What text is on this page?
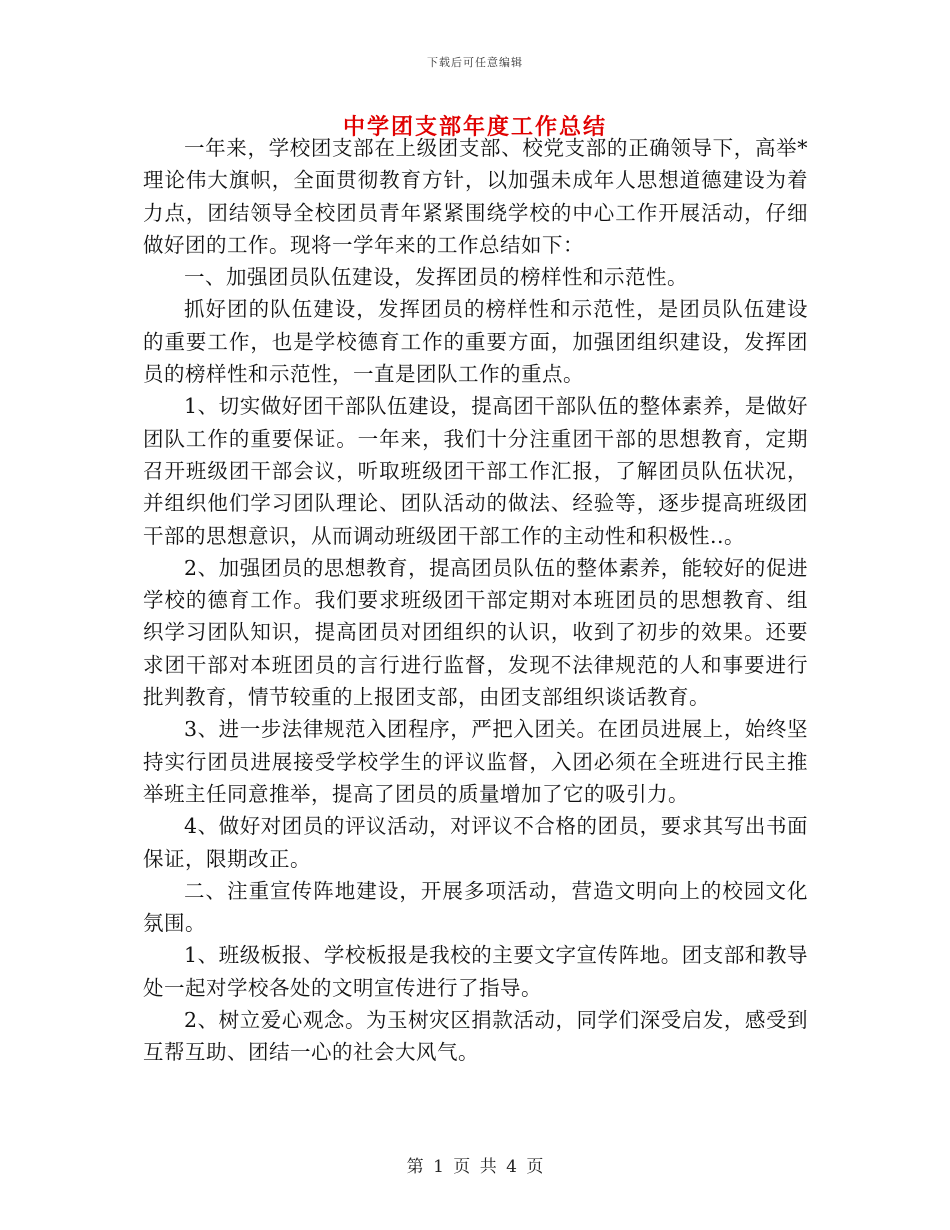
下载后可任意编辑
中学团支部年度工作总结

一年来，学校团支部在上级团支部、校党支部的正确领导下，高举*理论伟大旗帜，全面贯彻教育方针，以加强未成年人思想道德建设为着力点，团结领导全校团员青年紧紧围绕学校的中心工作开展活动，仔细做好团的工作。现将一学年来的工作总结如下：

一、加强团员队伍建设，发挥团员的榜样性和示范性。

抓好团的队伍建设，发挥团员的榜样性和示范性，是团员队伍建设的重要工作，也是学校德育工作的重要方面，加强团组织建设，发挥团员的榜样性和示范性，一直是团队工作的重点。

1、切实做好团干部队伍建设，提高团干部队伍的整体素养，是做好团队工作的重要保证。一年来，我们十分注重团干部的思想教育，定期召开班级团干部会议，听取班级团干部工作汇报，了解团员队伍状况，并组织他们学习团队理论、团队活动的做法、经验等，逐步提高班级团干部的思想意识，从而调动班级团干部工作的主动性和积极性..。

2、加强团员的思想教育，提高团员队伍的整体素养，能较好的促进学校的德育工作。我们要求班级团干部定期对本班团员的思想教育、组织学习团队知识，提高团员对团组织的认识，收到了初步的效果。还要求团干部对本班团员的言行进行监督，发现不法律规范的人和事要进行批判教育，情节较重的上报团支部，由团支部组织谈话教育。

3、进一步法律规范入团程序，严把入团关。在团员进展上，始终坚持实行团员进展接受学校学生的评议监督，入团必须在全班进行民主推举班主任同意推举，提高了团员的质量增加了它的吸引力。

4、做好对团员的评议活动，对评议不合格的团员，要求其写出书面保证，限期改正。

二、注重宣传阵地建设，开展多项活动，营造文明向上的校园文化氛围。

1、班级板报、学校板报是我校的主要文字宣传阵地。团支部和教导处一起对学校各处的文明宣传进行了指导。

2、树立爱心观念。为玉树灾区捐款活动，同学们深受启发，感受到互帮互助、团结一心的社会大风气。

第 1 页 共 4 页
